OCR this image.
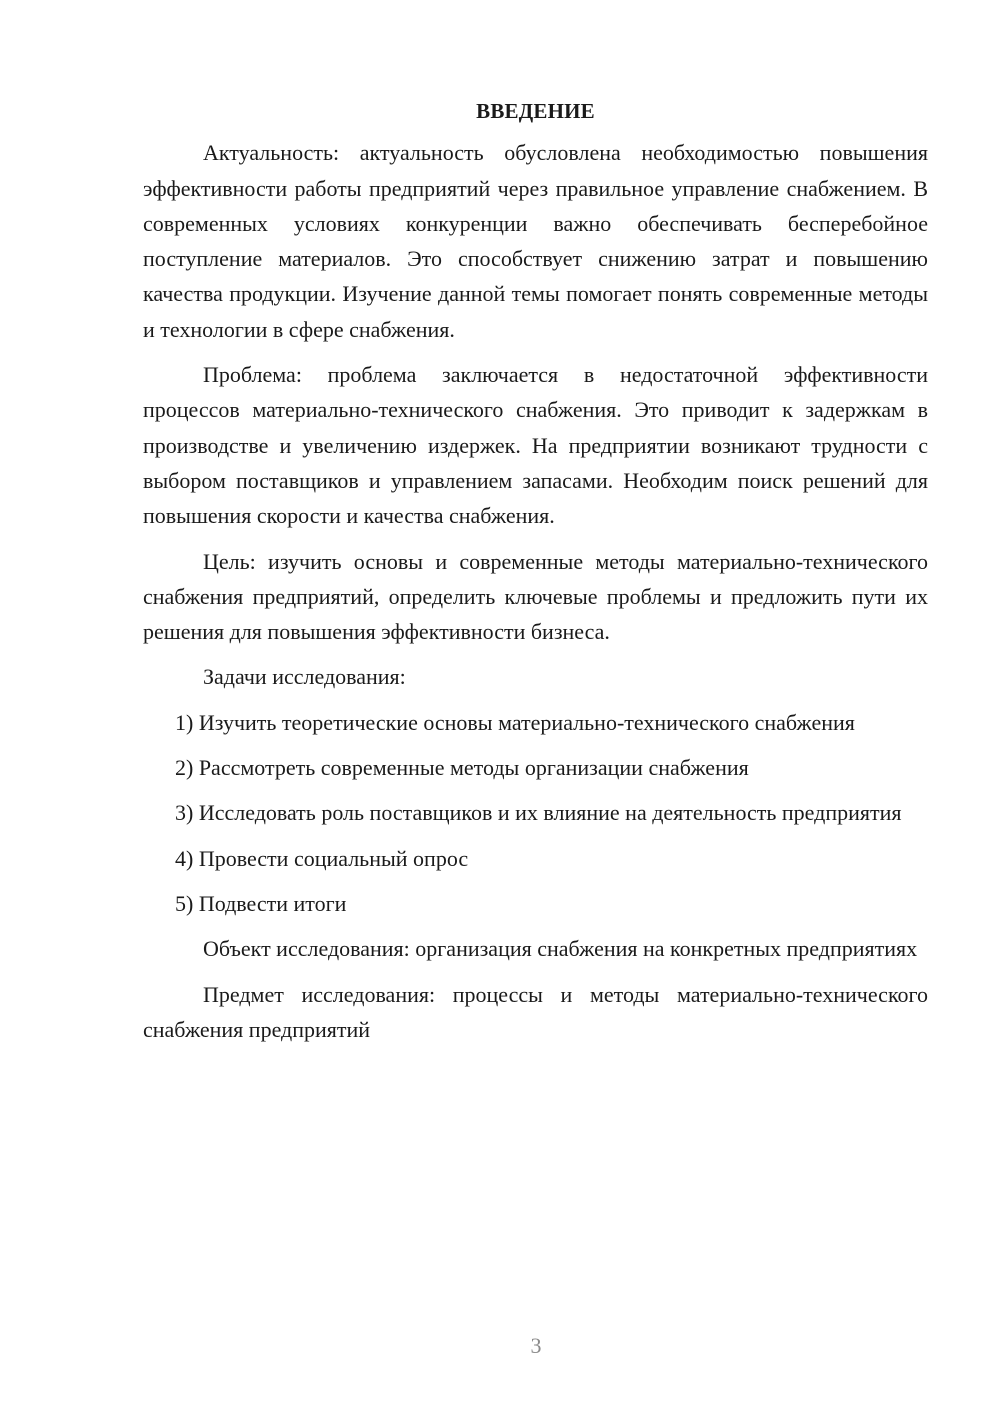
ВВЕДЕНИЕ

Актуальность: актуальность обусловлена необходимостью повышения эффективности работы предприятий через правильное управление снабжением. В современных условиях конкуренции важно обеспечивать бесперебойное поступление материалов. Это способствует снижению затрат и повышению качества продукции. Изучение данной темы помогает понять современные методы и технологии в сфере снабжения.

Проблема: проблема заключается в недостаточной эффективности процессов материально-технического снабжения. Это приводит к задержкам в производстве и увеличению издержек. На предприятии возникают трудности с выбором поставщиков и управлением запасами. Необходим поиск решений для повышения скорости и качества снабжения.

Цель: изучить основы и современные методы материально-технического снабжения предприятий, определить ключевые проблемы и предложить пути их решения для повышения эффективности бизнеса.

Задачи исследования:

1) Изучить теоретические основы материально-технического снабжения

2) Рассмотреть современные методы организации снабжения

3) Исследовать роль поставщиков и их влияние на деятельность предприятия

4) Провести социальный опрос

5) Подвести итоги

Объект исследования: организация снабжения на конкретных предприятиях

Предмет исследования: процессы и методы материально-технического снабжения предприятий

3
